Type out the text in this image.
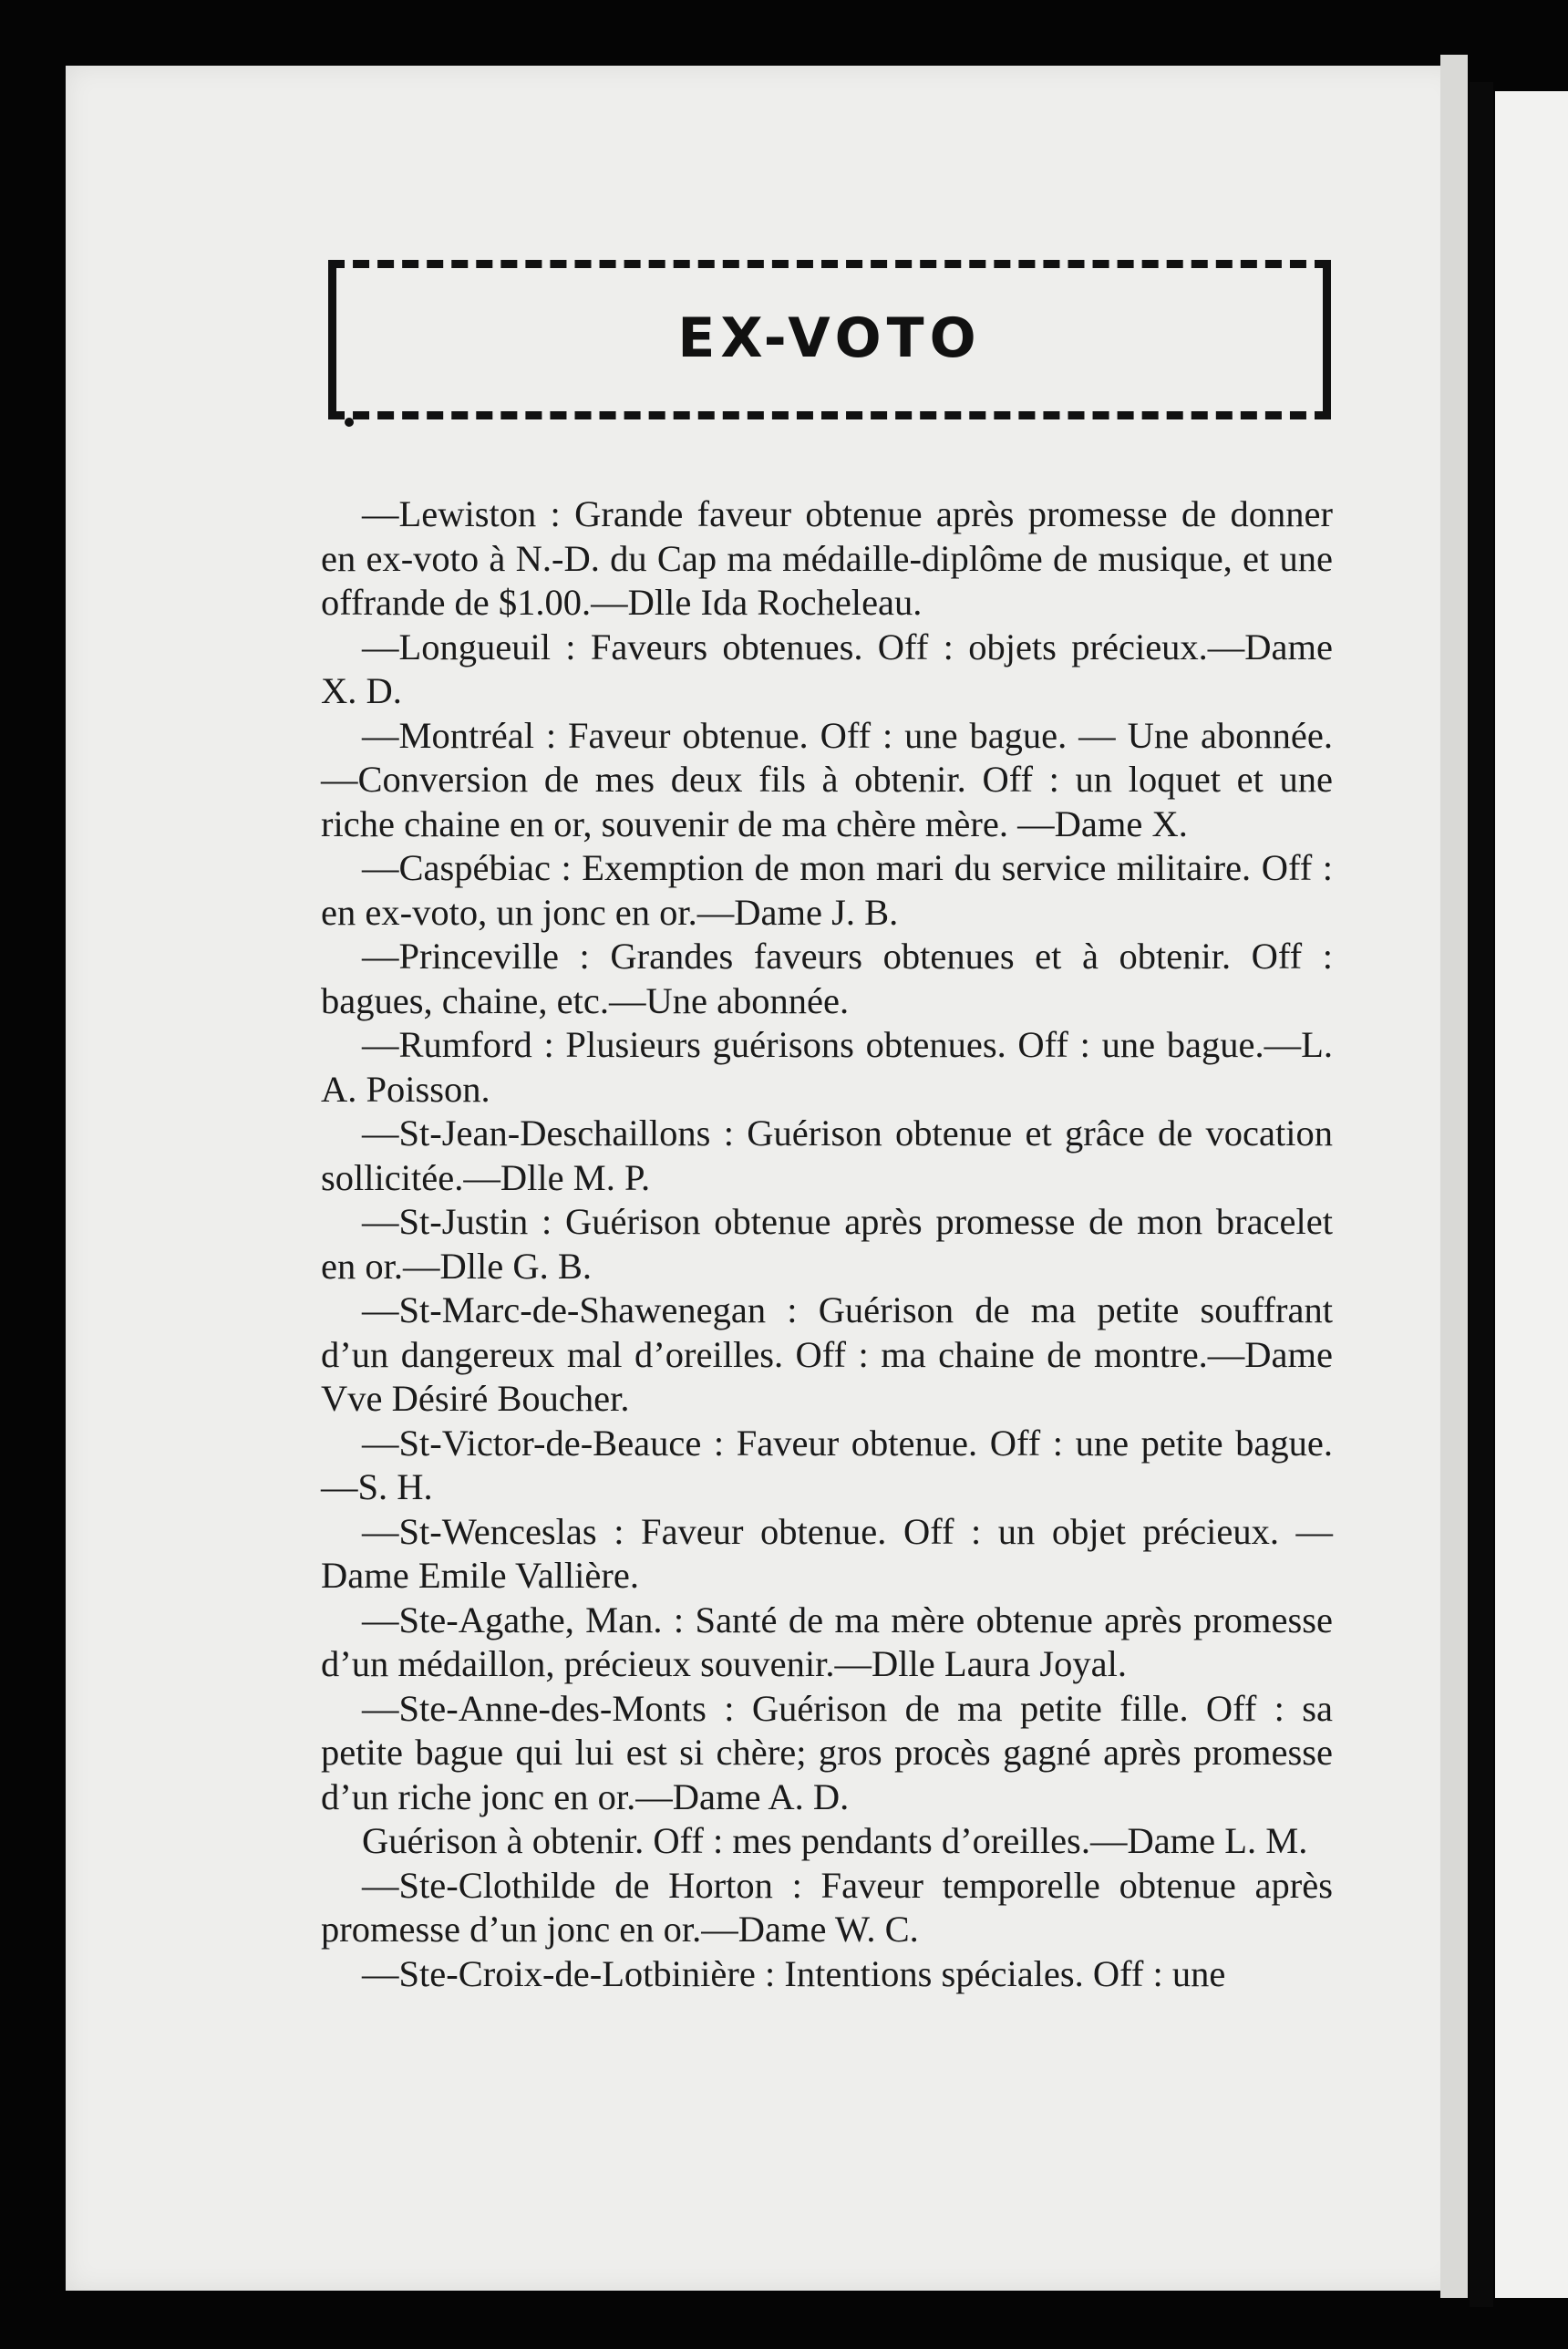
EX-VOTO

—Lewiston : Grande faveur obtenue après promesse de donner en ex-voto à N.-D. du Cap ma médaille-diplôme de musique, et une offrande de $1.00.—Dlle Ida Rocheleau.

—Longueuil : Faveurs obtenues. Off : objets précieux.—Dame X. D.

—Montréal : Faveur obtenue. Off : une bague. — Une abonnée.—Conversion de mes deux fils à obtenir. Off : un loquet et une riche chaine en or, souvenir de ma chère mère. —Dame X.

—Caspébiac : Exemption de mon mari du service militaire. Off : en ex-voto, un jonc en or.—Dame J. B.

—Princeville : Grandes faveurs obtenues et à obtenir. Off : bagues, chaine, etc.—Une abonnée.

—Rumford : Plusieurs guérisons obtenues. Off : une bague.—L. A. Poisson.

—St-Jean-Deschaillons : Guérison obtenue et grâce de vocation sollicitée.—Dlle M. P.

—St-Justin : Guérison obtenue après promesse de mon bracelet en or.—Dlle G. B.

—St-Marc-de-Shawenegan : Guérison de ma petite souffrant d’un dangereux mal d’oreilles. Off : ma chaine de montre.—Dame Vve Désiré Boucher.

—St-Victor-de-Beauce : Faveur obtenue. Off : une petite bague.—S. H.

—St-Wenceslas : Faveur obtenue. Off : un objet précieux. —Dame Emile Vallière.

—Ste-Agathe, Man. : Santé de ma mère obtenue après promesse d’un médaillon, précieux souvenir.—Dlle Laura Joyal.

—Ste-Anne-des-Monts : Guérison de ma petite fille. Off : sa petite bague qui lui est si chère; gros procès gagné après promesse d’un riche jonc en or.—Dame A. D.

Guérison à obtenir. Off : mes pendants d’oreilles.—Dame L. M.

—Ste-Clothilde de Horton : Faveur temporelle obtenue après promesse d’un jonc en or.—Dame W. C.

—Ste-Croix-de-Lotbinière : Intentions spéciales. Off : une
